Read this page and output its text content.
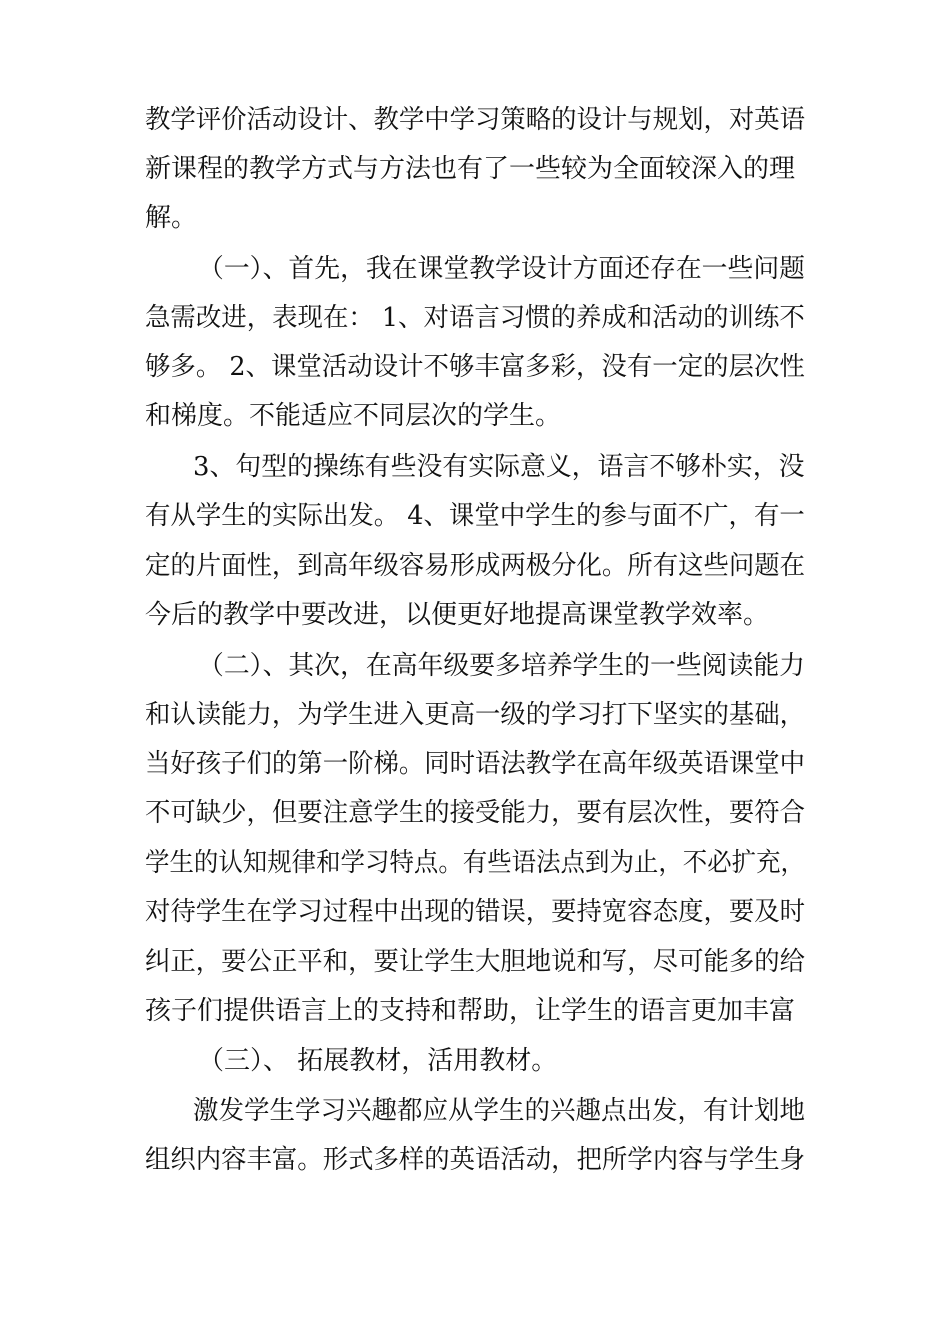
教学评价活动设计、教学中学习策略的设计与规划，对英语
新课程的教学方式与方法也有了一些较为全面较深入的理
解。
（一）、首先，我在课堂教学设计方面还存在一些问题
急需改进，表现在： 1、对语言习惯的养成和活动的训练不
够多。 2、课堂活动设计不够丰富多彩，没有一定的层次性
和梯度。不能适应不同层次的学生。
3、句型的操练有些没有实际意义，语言不够朴实，没
有从学生的实际出发。 4、课堂中学生的参与面不广，有一
定的片面性，到高年级容易形成两极分化。所有这些问题在
今后的教学中要改进，以便更好地提高课堂教学效率。
（二）、其次，在高年级要多培养学生的一些阅读能力
和认读能力，为学生进入更高一级的学习打下坚实的基础，
当好孩子们的第一阶梯。同时语法教学在高年级英语课堂中
不可缺少，但要注意学生的接受能力，要有层次性，要符合
学生的认知规律和学习特点。有些语法点到为止，不必扩充，
对待学生在学习过程中出现的错误，要持宽容态度，要及时
纠正，要公正平和，要让学生大胆地说和写，尽可能多的给
孩子们提供语言上的支持和帮助，让学生的语言更加丰富
（三）、 拓展教材，活用教材。
激发学生学习兴趣都应从学生的兴趣点出发，有计划地
组织内容丰富。形式多样的英语活动，把所学内容与学生身
